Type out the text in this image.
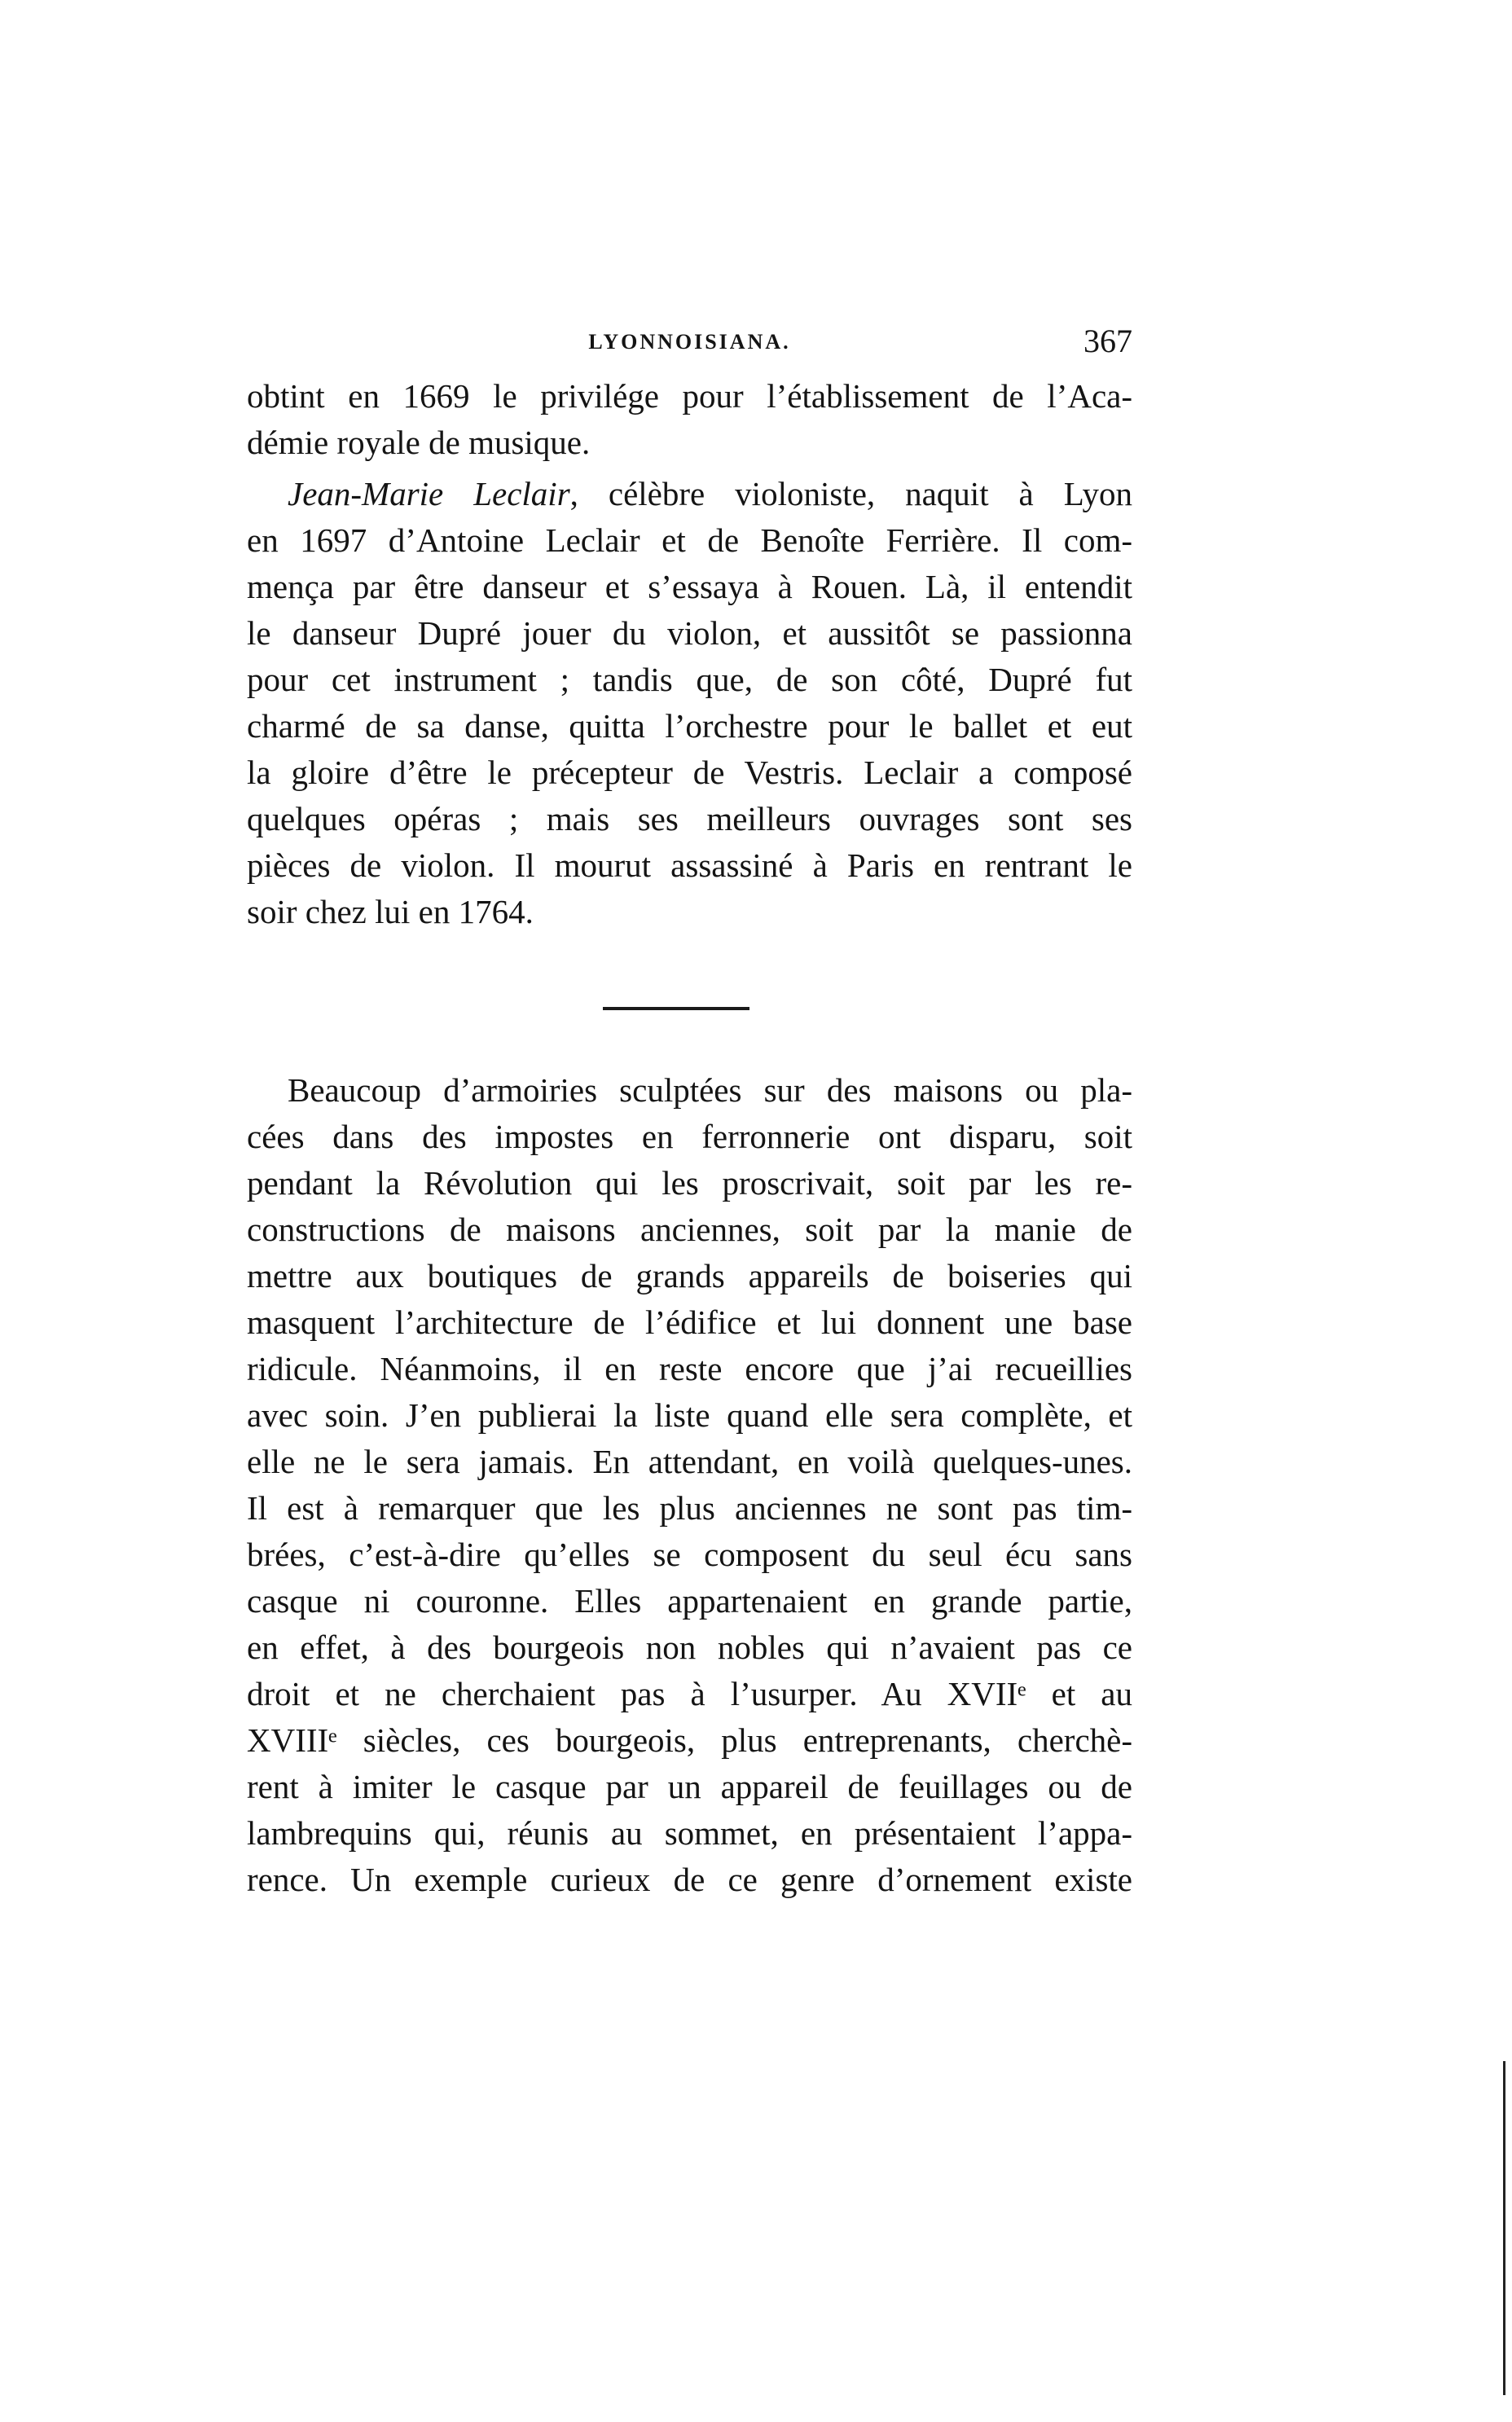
LYONNOISIANA.	367
obtint en 1669 le privilége pour l’établissement de l’Aca-
démie royale de musique.
Jean-Marie Leclair, célèbre violoniste, naquit à Lyon
en 1697 d’Antoine Leclair et de Benoîte Ferrière. Il com-
mença par être danseur et s’essaya à Rouen. Là, il entendit
le danseur Dupré jouer du violon, et aussitôt se passionna
pour cet instrument ; tandis que, de son côté, Dupré fut
charmé de sa danse, quitta l’orchestre pour le ballet et eut
la gloire d’être le précepteur de Vestris. Leclair a composé
quelques opéras ; mais ses meilleurs ouvrages sont ses
pièces de violon. Il mourut assassiné à Paris en rentrant le
soir chez lui en 1764.
Beaucoup d’armoiries sculptées sur des maisons ou pla-
cées dans des impostes en ferronnerie ont disparu, soit
pendant la Révolution qui les proscrivait, soit par les re-
constructions de maisons anciennes, soit par la manie de
mettre aux boutiques de grands appareils de boiseries qui
masquent l’architecture de l’édifice et lui donnent une base
ridicule. Néanmoins, il en reste encore que j’ai recueillies
avec soin. J’en publierai la liste quand elle sera complète, et
elle ne le sera jamais. En attendant, en voilà quelques-unes.
Il est à remarquer que les plus anciennes ne sont pas tim-
brées, c’est-à-dire qu’elles se composent du seul écu sans
casque ni couronne. Elles appartenaient en grande partie,
en effet, à des bourgeois non nobles qui n’avaient pas ce
droit et ne cherchaient pas à l’usurper. Au XVIIᵉ et au
XVIIIᵉ siècles, ces bourgeois, plus entreprenants, cherchè-
rent à imiter le casque par un appareil de feuillages ou de
lambrequins qui, réunis au sommet, en présentaient l’appa-
rence. Un exemple curieux de ce genre d’ornement existe
